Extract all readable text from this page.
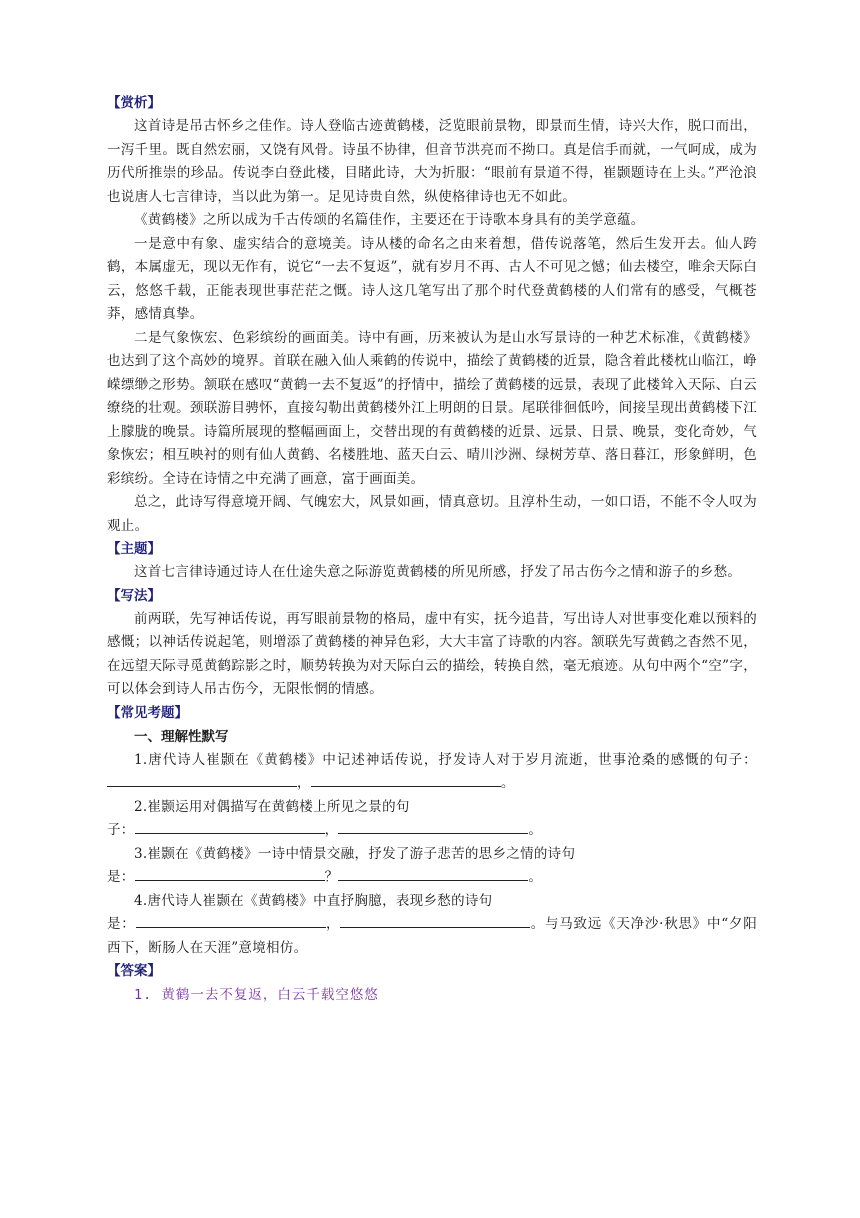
【赏析】

这首诗是吊古怀乡之佳作。诗人登临古迹黄鹤楼，泛览眼前景物，即景而生情，诗兴大作，脱口而出，一泻千里。既自然宏丽，又饶有风骨。诗虽不协律，但音节洪亮而不拗口。真是信手而就，一气呵成，成为历代所推崇的珍品。传说李白登此楼，目睹此诗，大为折服：“眼前有景道不得，崔颢题诗在上头。”严沧浪也说唐人七言律诗，当以此为第一。足见诗贵自然，纵使格律诗也无不如此。

《黄鹤楼》之所以成为千古传颂的名篇佳作，主要还在于诗歌本身具有的美学意蕴。

一是意中有象、虚实结合的意境美。诗从楼的命名之由来着想，借传说落笔，然后生发开去。仙人跨鹤，本属虚无，现以无作有，说它“一去不复返”，就有岁月不再、古人不可见之憾；仙去楼空，唯余天际白云，悠悠千载，正能表现世事茫茫之慨。诗人这几笔写出了那个时代登黄鹤楼的人们常有的感受，气概苍莽，感情真挚。

二是气象恢宏、色彩缤纷的画面美。诗中有画，历来被认为是山水写景诗的一种艺术标准，《黄鹤楼》也达到了这个高妙的境界。首联在融入仙人乘鹤的传说中，描绘了黄鹤楼的近景，隐含着此楼枕山临江，峥嵘缥缈之形势。颔联在感叹“黄鹤一去不复返”的抒情中，描绘了黄鹤楼的远景，表现了此楼耸入天际、白云缭绕的壮观。颈联游目骋怀，直接勾勒出黄鹤楼外江上明朗的日景。尾联徘徊低吟，间接呈现出黄鹤楼下江上朦胧的晚景。诗篇所展现的整幅画面上，交替出现的有黄鹤楼的近景、远景、日景、晚景，变化奇妙，气象恢宏；相互映衬的则有仙人黄鹤、名楼胜地、蓝天白云、晴川沙洲、绿树芳草、落日暮江，形象鲜明，色彩缤纷。全诗在诗情之中充满了画意，富于画面美。

总之，此诗写得意境开阔、气魄宏大，风景如画，情真意切。且淳朴生动，一如口语，不能不令人叹为观止。

【主题】

这首七言律诗通过诗人在仕途失意之际游览黄鹤楼的所见所感，抒发了吊古伤今之情和游子的乡愁。

【写法】

前两联，先写神话传说，再写眼前景物的格局，虚中有实，抚今追昔，写出诗人对世事变化难以预料的感慨；以神话传说起笔，则增添了黄鹤楼的神异色彩，大大丰富了诗歌的内容。颔联先写黄鹤之杳然不见，在远望天际寻觅黄鹤踪影之时，顺势转换为对天际白云的描绘，转换自然，毫无痕迹。从句中两个“空”字，可以体会到诗人吊古伤今，无限怅惘的情感。

【常见考题】
一、理解性默写

1.唐代诗人崔颢在《黄鹤楼》中记述神话传说，抒发诗人对于岁月流逝，世事沧桑的感慨的句子：，	。

2.崔颢运用对偶描写在黄鹤楼上所见之景的句

子：	，	。

3.崔颢在《黄鹤楼》一诗中情景交融，抒发了游子悲苦的思乡之情的诗句

是：	？	。

4.唐代诗人崔颢在《黄鹤楼》中直抒胸臆，表现乡愁的诗句

是：	，	。与马致远《天净沙·秋思》中“夕阳西下，断肠人在天涯”意境相仿。

【答案】
1. 黄鹤一去不复返，白云千载空悠悠
